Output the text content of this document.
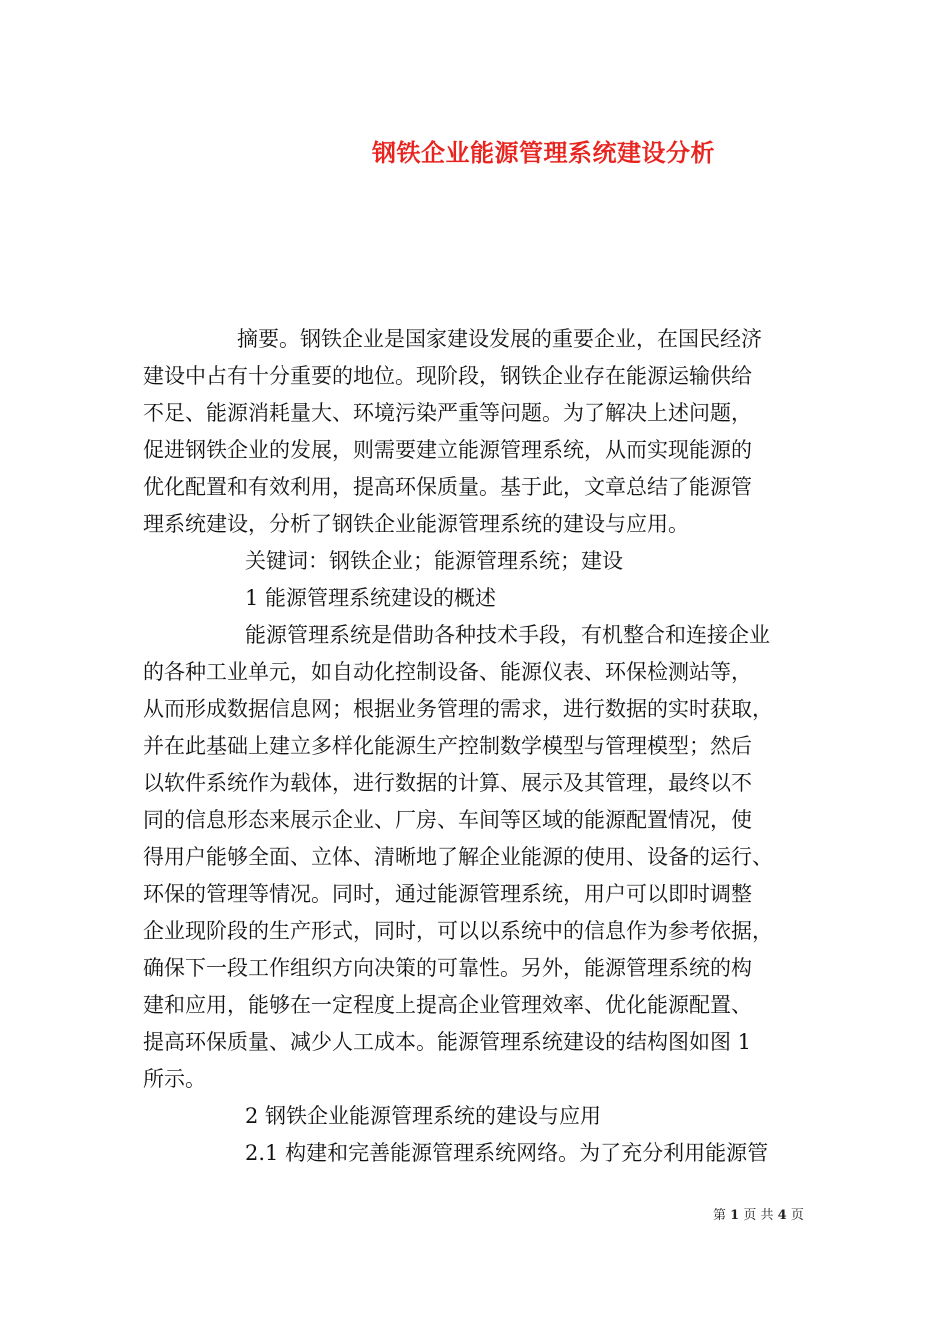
钢铁企业能源管理系统建设分析
摘要。钢铁企业是国家建设发展的重要企业，在国民经济
建设中占有十分重要的地位。现阶段，钢铁企业存在能源运输供给
不足、能源消耗量大、环境污染严重等问题。为了解决上述问题，
促进钢铁企业的发展，则需要建立能源管理系统，从而实现能源的
优化配置和有效利用，提高环保质量。基于此，文章总结了能源管
理系统建设，分析了钢铁企业能源管理系统的建设与应用。
关键词：钢铁企业；能源管理系统；建设
1 能源管理系统建设的概述
能源管理系统是借助各种技术手段，有机整合和连接企业
的各种工业单元，如自动化控制设备、能源仪表、环保检测站等，
从而形成数据信息网；根据业务管理的需求，进行数据的实时获取，
并在此基础上建立多样化能源生产控制数学模型与管理模型；然后
以软件系统作为载体，进行数据的计算、展示及其管理，最终以不
同的信息形态来展示企业、厂房、车间等区域的能源配置情况，使
得用户能够全面、立体、清晰地了解企业能源的使用、设备的运行、
环保的管理等情况。同时，通过能源管理系统，用户可以即时调整
企业现阶段的生产形式，同时，可以以系统中的信息作为参考依据，
确保下一段工作组织方向决策的可靠性。另外，能源管理系统的构
建和应用，能够在一定程度上提高企业管理效率、优化能源配置、
提高环保质量、减少人工成本。能源管理系统建设的结构图如图 1
所示。
2 钢铁企业能源管理系统的建设与应用
2.1 构建和完善能源管理系统网络。为了充分利用能源管
第 1 页 共 4 页
